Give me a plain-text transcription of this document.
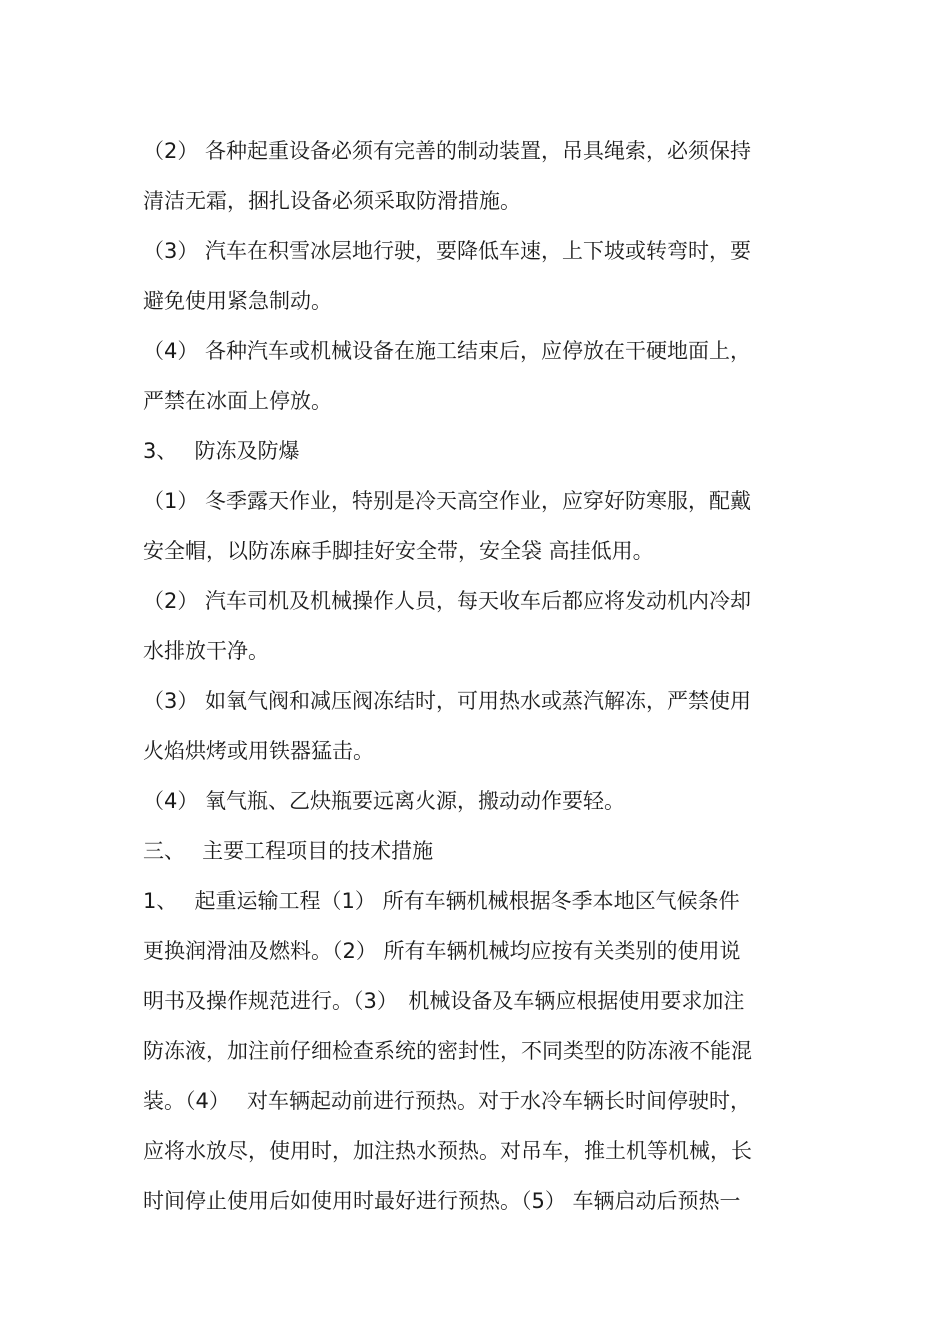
（2） 各种起重设备必须有完善的制动装置，吊具绳索，必须保持
清洁无霜，捆扎设备必须采取防滑措施。
（3） 汽车在积雪冰层地行驶，要降低车速，上下坡或转弯时，要
避免使用紧急制动。
（4） 各种汽车或机械设备在施工结束后，应停放在干硬地面上，
严禁在冰面上停放。
3、　 防冻及防爆
（1） 冬季露天作业，特别是冷天高空作业，应穿好防寒服，配戴
安全帽，以防冻麻手脚挂好安全带，安全袋 高挂低用。
（2） 汽车司机及机械操作人员，每天收车后都应将发动机内冷却
水排放干净。
（3） 如氧气阀和减压阀冻结时，可用热水或蒸汽解冻，严禁使用
火焰烘烤或用铁器猛击。
（4） 氧气瓶、乙炔瓶要远离火源，搬动动作要轻。
三、　 主要工程项目的技术措施
1、　 起重运输工程（1） 所有车辆机械根据冬季本地区气候条件
更换润滑油及燃料。（2） 所有车辆机械均应按有关类别的使用说
明书及操作规范进行。（3）　机械设备及车辆应根据使用要求加注
防冻液，加注前仔细检查系统的密封性，不同类型的防冻液不能混
装。（4）　 对车辆起动前进行预热。对于水冷车辆长时间停驶时，
应将水放尽，使用时，加注热水预热。对吊车，推土机等机械，长
时间停止使用后如使用时最好进行预热。（5） 车辆启动后预热一
